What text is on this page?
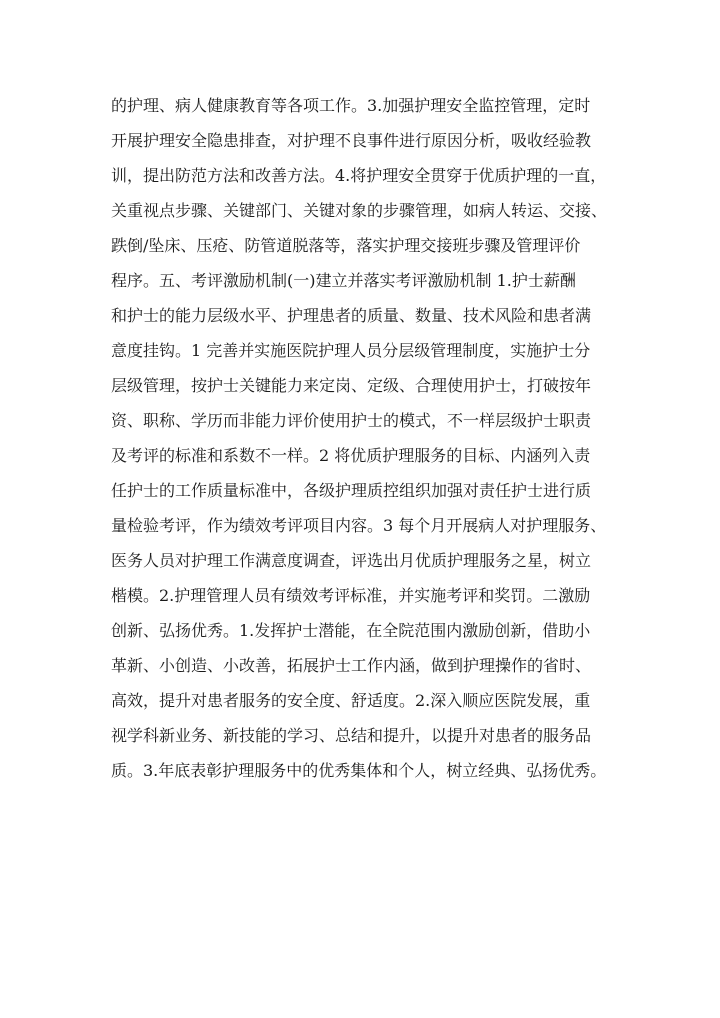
的护理、病人健康教育等各项工作。3.加强护理安全监控管理，定时
开展护理安全隐患排查，对护理不良事件进行原因分析，吸收经验教
训，提出防范方法和改善方法。4.将护理安全贯穿于优质护理的一直，
关重视点步骤、关键部门、关键对象的步骤管理，如病人转运、交接、
跌倒/坠床、压疮、防管道脱落等，落实护理交接班步骤及管理评价
程序。五、考评激励机制(一)建立并落实考评激励机制 1.护士薪酬
和护士的能力层级水平、护理患者的质量、数量、技术风险和患者满
意度挂钩。1 完善并实施医院护理人员分层级管理制度，实施护士分
层级管理，按护士关键能力来定岗、定级、合理使用护士，打破按年
资、职称、学历而非能力评价使用护士的模式，不一样层级护士职责
及考评的标准和系数不一样。2 将优质护理服务的目标、内涵列入责
任护士的工作质量标准中，各级护理质控组织加强对责任护士进行质
量检验考评，作为绩效考评项目内容。3 每个月开展病人对护理服务、
医务人员对护理工作满意度调查，评选出月优质护理服务之星，树立
楷模。2.护理管理人员有绩效考评标准，并实施考评和奖罚。二激励
创新、弘扬优秀。1.发挥护士潜能，在全院范围内激励创新，借助小
革新、小创造、小改善，拓展护士工作内涵，做到护理操作的省时、
高效，提升对患者服务的安全度、舒适度。2.深入顺应医院发展，重
视学科新业务、新技能的学习、总结和提升，以提升对患者的服务品
质。3.年底表彰护理服务中的优秀集体和个人，树立经典、弘扬优秀。
